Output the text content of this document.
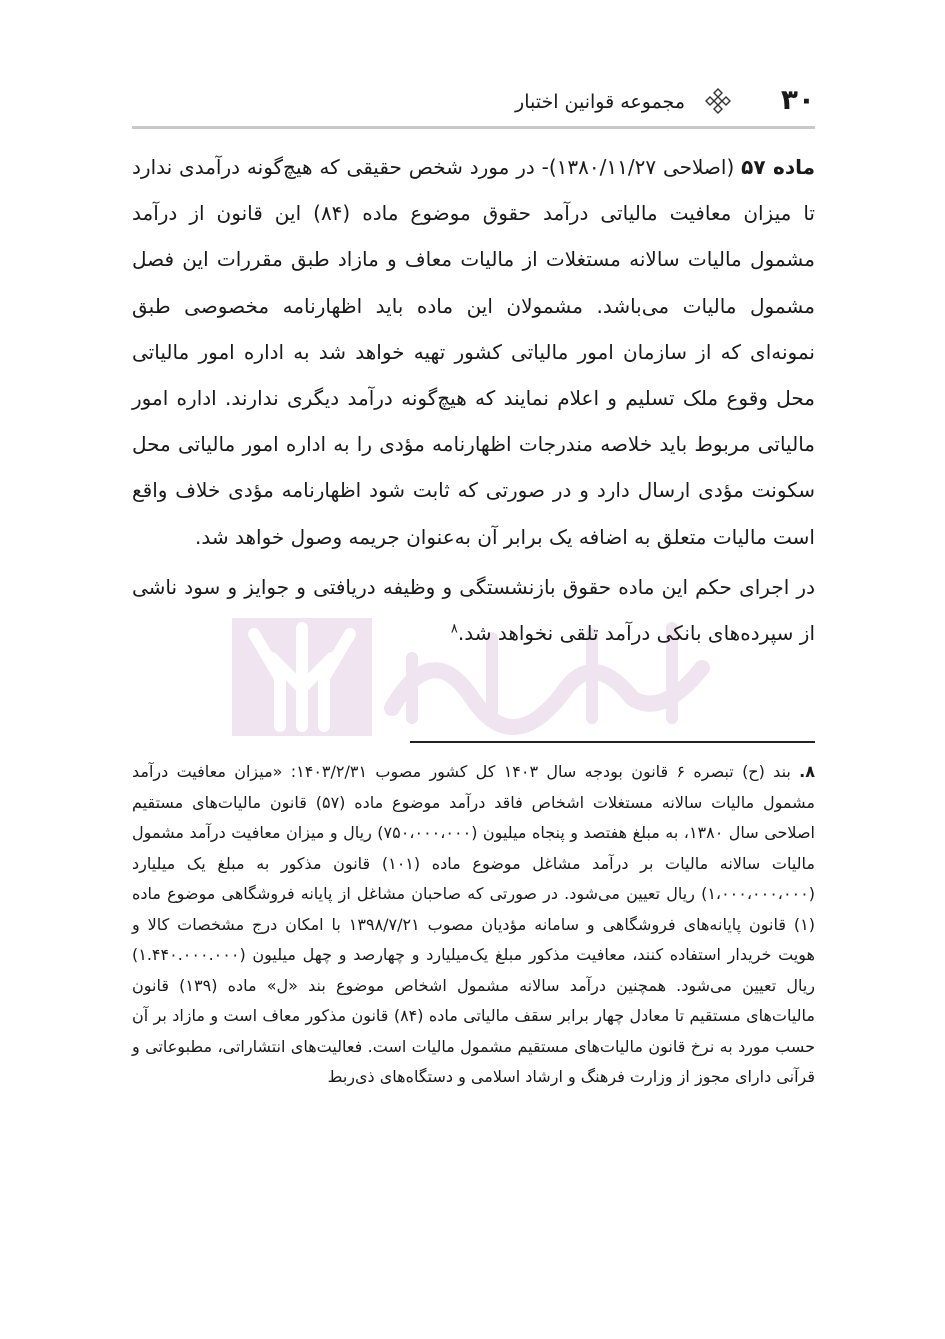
۳۰
مجموعه قوانین اختبار

ماده ۵۷ (اصلاحی ۱۳۸۰/۱۱/۲۷)- در مورد شخص حقیقی که هیچ‌گونه درآمدی ندارد تا میزان معافیت مالیاتی درآمد حقوق موضوع ماده (۸۴) این قانون از درآمد مشمول مالیات سالانه مستغلات از مالیات معاف و مازاد طبق مقررات این فصل مشمول مالیات می‌باشد. مشمولان این ماده باید اظهارنامه مخصوصی طبق نمونه‌ای که از سازمان امور مالیاتی کشور تهیه خواهد شد به اداره امور مالیاتی محل وقوع ملک تسلیم و اعلام نمایند که هیچ‌گونه درآمد دیگری ندارند. اداره امور مالیاتی مربوط باید خلاصه مندرجات اظهارنامه مؤدی را به اداره امور مالیاتی محل سکونت مؤدی ارسال دارد و در صورتی که ثابت شود اظهارنامه مؤدی خلاف واقع است مالیات متعلق به اضافه یک برابر آن به‌عنوان جریمه وصول خواهد شد.

در اجرای حکم این ماده حقوق بازنشستگی و وظیفه دریافتی و جوایز و سود ناشی از سپرده‌های بانکی درآمد تلقی نخواهد شد.$^۸$

۸. بند (ح) تبصره ۶ قانون بودجه سال ۱۴۰۳ کل کشور مصوب ۱۴۰۳/۲/۳۱: «میزان معافیت درآمد مشمول مالیات سالانه مستغلات اشخاص فاقد درآمد موضوع ماده (۵۷) قانون مالیات‌های مستقیم اصلاحی سال ۱۳۸۰، به مبلغ هفتصد و پنجاه میلیون (۷۵۰،۰۰۰،۰۰۰) ریال و میزان معافیت درآمد مشمول مالیات سالانه مالیات بر درآمد مشاغل موضوع ماده (۱۰۱) قانون مذکور به مبلغ یک میلیارد (۱،۰۰۰،۰۰۰،۰۰۰) ریال تعیین می‌شود. در صورتی که صاحبان مشاغل از پایانه فروشگاهی موضوع ماده (۱) قانون پایانه‌های فروشگاهی و سامانه مؤدیان مصوب ۱۳۹۸/۷/۲۱ با امکان درج مشخصات کالا و هویت خریدار استفاده کنند، معافیت مذکور مبلغ یک‌میلیارد و چهارصد و چهل میلیون (۱.۴۴۰.۰۰۰.۰۰۰) ریال تعیین می‌شود. همچنین درآمد سالانه مشمول اشخاص موضوع بند «ل» ماده (۱۳۹) قانون مالیات‌های مستقیم تا معادل چهار برابر سقف مالیاتی ماده (۸۴) قانون مذکور معاف است و مازاد بر آن حسب مورد به نرخ قانون مالیات‌های مستقیم مشمول مالیات است. فعالیت‌های انتشاراتی، مطبوعاتی و قرآنی دارای مجوز از وزارت فرهنگ و ارشاد اسلامی و دستگاه‌های ذی‌ربط
